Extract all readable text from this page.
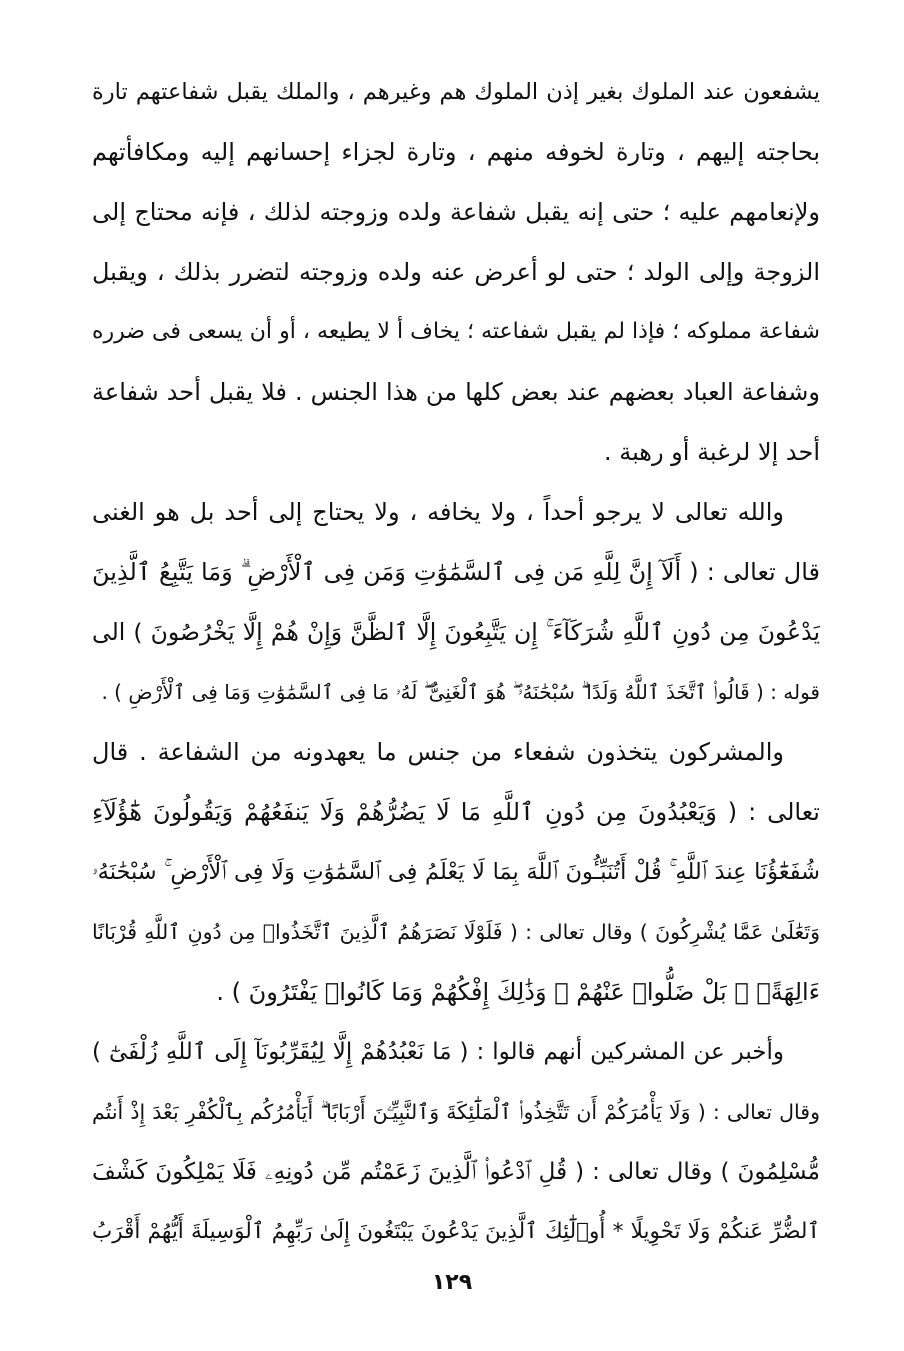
يشفعون عند الملوك بغير إذن الملوك هم وغيرهم ، والملك يقبل شفاعتهم تارة
بحاجته إليهم ، وتارة لخوفه منهم ، وتارة لجزاء إحسانهم إليه ومكافأتهم
ولإنعامهم عليه ؛ حتى إنه يقبل شفاعة ولده وزوجته لذلك ، فإنه محتاج إلى
الزوجة وإلى الولد ؛ حتى لو أعرض عنه ولده وزوجته لتضرر بذلك ، ويقبل
شفاعة مملوكه ؛ فإذا لم يقبل شفاعته ؛ يخاف أ لا يطيعه ، أو أن يسعى فى ضرره
وشفاعة العباد بعضهم عند بعض كلها من هذا الجنس . فلا يقبل أحد شفاعة
أحد إلا لرغبة أو رهبة .
والله تعالى لا يرجو أحداً ، ولا يخافه ، ولا يحتاج إلى أحد بل هو الغنى
قال تعالى : ( أَلَآ إِنَّ لِلَّهِ مَن فِى ٱلسَّمَٰوَٰتِ وَمَن فِى ٱلْأَرْضِ ۗ وَمَا يَتَّبِعُ ٱلَّذِينَ
يَدْعُونَ مِن دُونِ ٱللَّهِ شُرَكَآءَ ۚ إِن يَتَّبِعُونَ إِلَّا ٱلظَّنَّ وَإِنْ هُمْ إِلَّا يَخْرُصُونَ ) الى
قوله : ( قَالُوا۟ ٱتَّخَذَ ٱللَّهُ وَلَدًا ۗ سُبْحَٰنَهُۥ ۖ هُوَ ٱلْغَنِىُّ ۖ لَهُۥ مَا فِى ٱلسَّمَٰوَٰتِ وَمَا فِى ٱلْأَرْضِ ) .
والمشركون يتخذون شفعاء من جنس ما يعهدونه من الشفاعة . قال
تعالى : ( وَيَعْبُدُونَ مِن دُونِ ٱللَّهِ مَا لَا يَضُرُّهُمْ وَلَا يَنفَعُهُمْ وَيَقُولُونَ هَٰٓؤُلَآءِ
شُفَعَٰٓؤُنَا عِندَ ٱللَّهِ ۚ قُلْ أَتُنَبِّـُٔونَ ٱللَّهَ بِمَا لَا يَعْلَمُ فِى ٱلسَّمَٰوَٰتِ وَلَا فِى ٱلْأَرْضِ ۚ سُبْحَٰنَهُۥ
وَتَعَٰلَىٰ عَمَّا يُشْرِكُونَ ) وقال تعالى : ( فَلَوْلَا نَصَرَهُمُ ٱلَّذِينَ ٱتَّخَذُوا۟ مِن دُونِ ٱللَّهِ قُرْبَانًا
ءَالِهَةًۢ ۖ بَلْ ضَلُّوا۟ عَنْهُمْ ۚ وَذَٰلِكَ إِفْكُهُمْ وَمَا كَانُوا۟ يَفْتَرُونَ ) .
وأخبر عن المشركين أنهم قالوا : ( مَا نَعْبُدُهُمْ إِلَّا لِيُقَرِّبُونَآ إِلَى ٱللَّهِ زُلْفَىٰٓ )
وقال تعالى : ( وَلَا يَأْمُرَكُمْ أَن تَتَّخِذُوا۟ ٱلْمَلَٰٓئِكَةَ وَٱلنَّبِيِّـۧنَ أَرْبَابًا ۗ أَيَأْمُرُكُم بِٱلْكُفْرِ بَعْدَ إِذْ أَنتُم
مُّسْلِمُونَ ) وقال تعالى : ( قُلِ ٱدْعُوا۟ ٱلَّذِينَ زَعَمْتُم مِّن دُونِهِۦ فَلَا يَمْلِكُونَ كَشْفَ
ٱلضُّرِّ عَنكُمْ وَلَا تَحْوِيلًا * أُو۟لَٰٓئِكَ ٱلَّذِينَ يَدْعُونَ يَبْتَغُونَ إِلَىٰ رَبِّهِمُ ٱلْوَسِيلَةَ أَيُّهُمْ أَقْرَبُ
١٢٩
